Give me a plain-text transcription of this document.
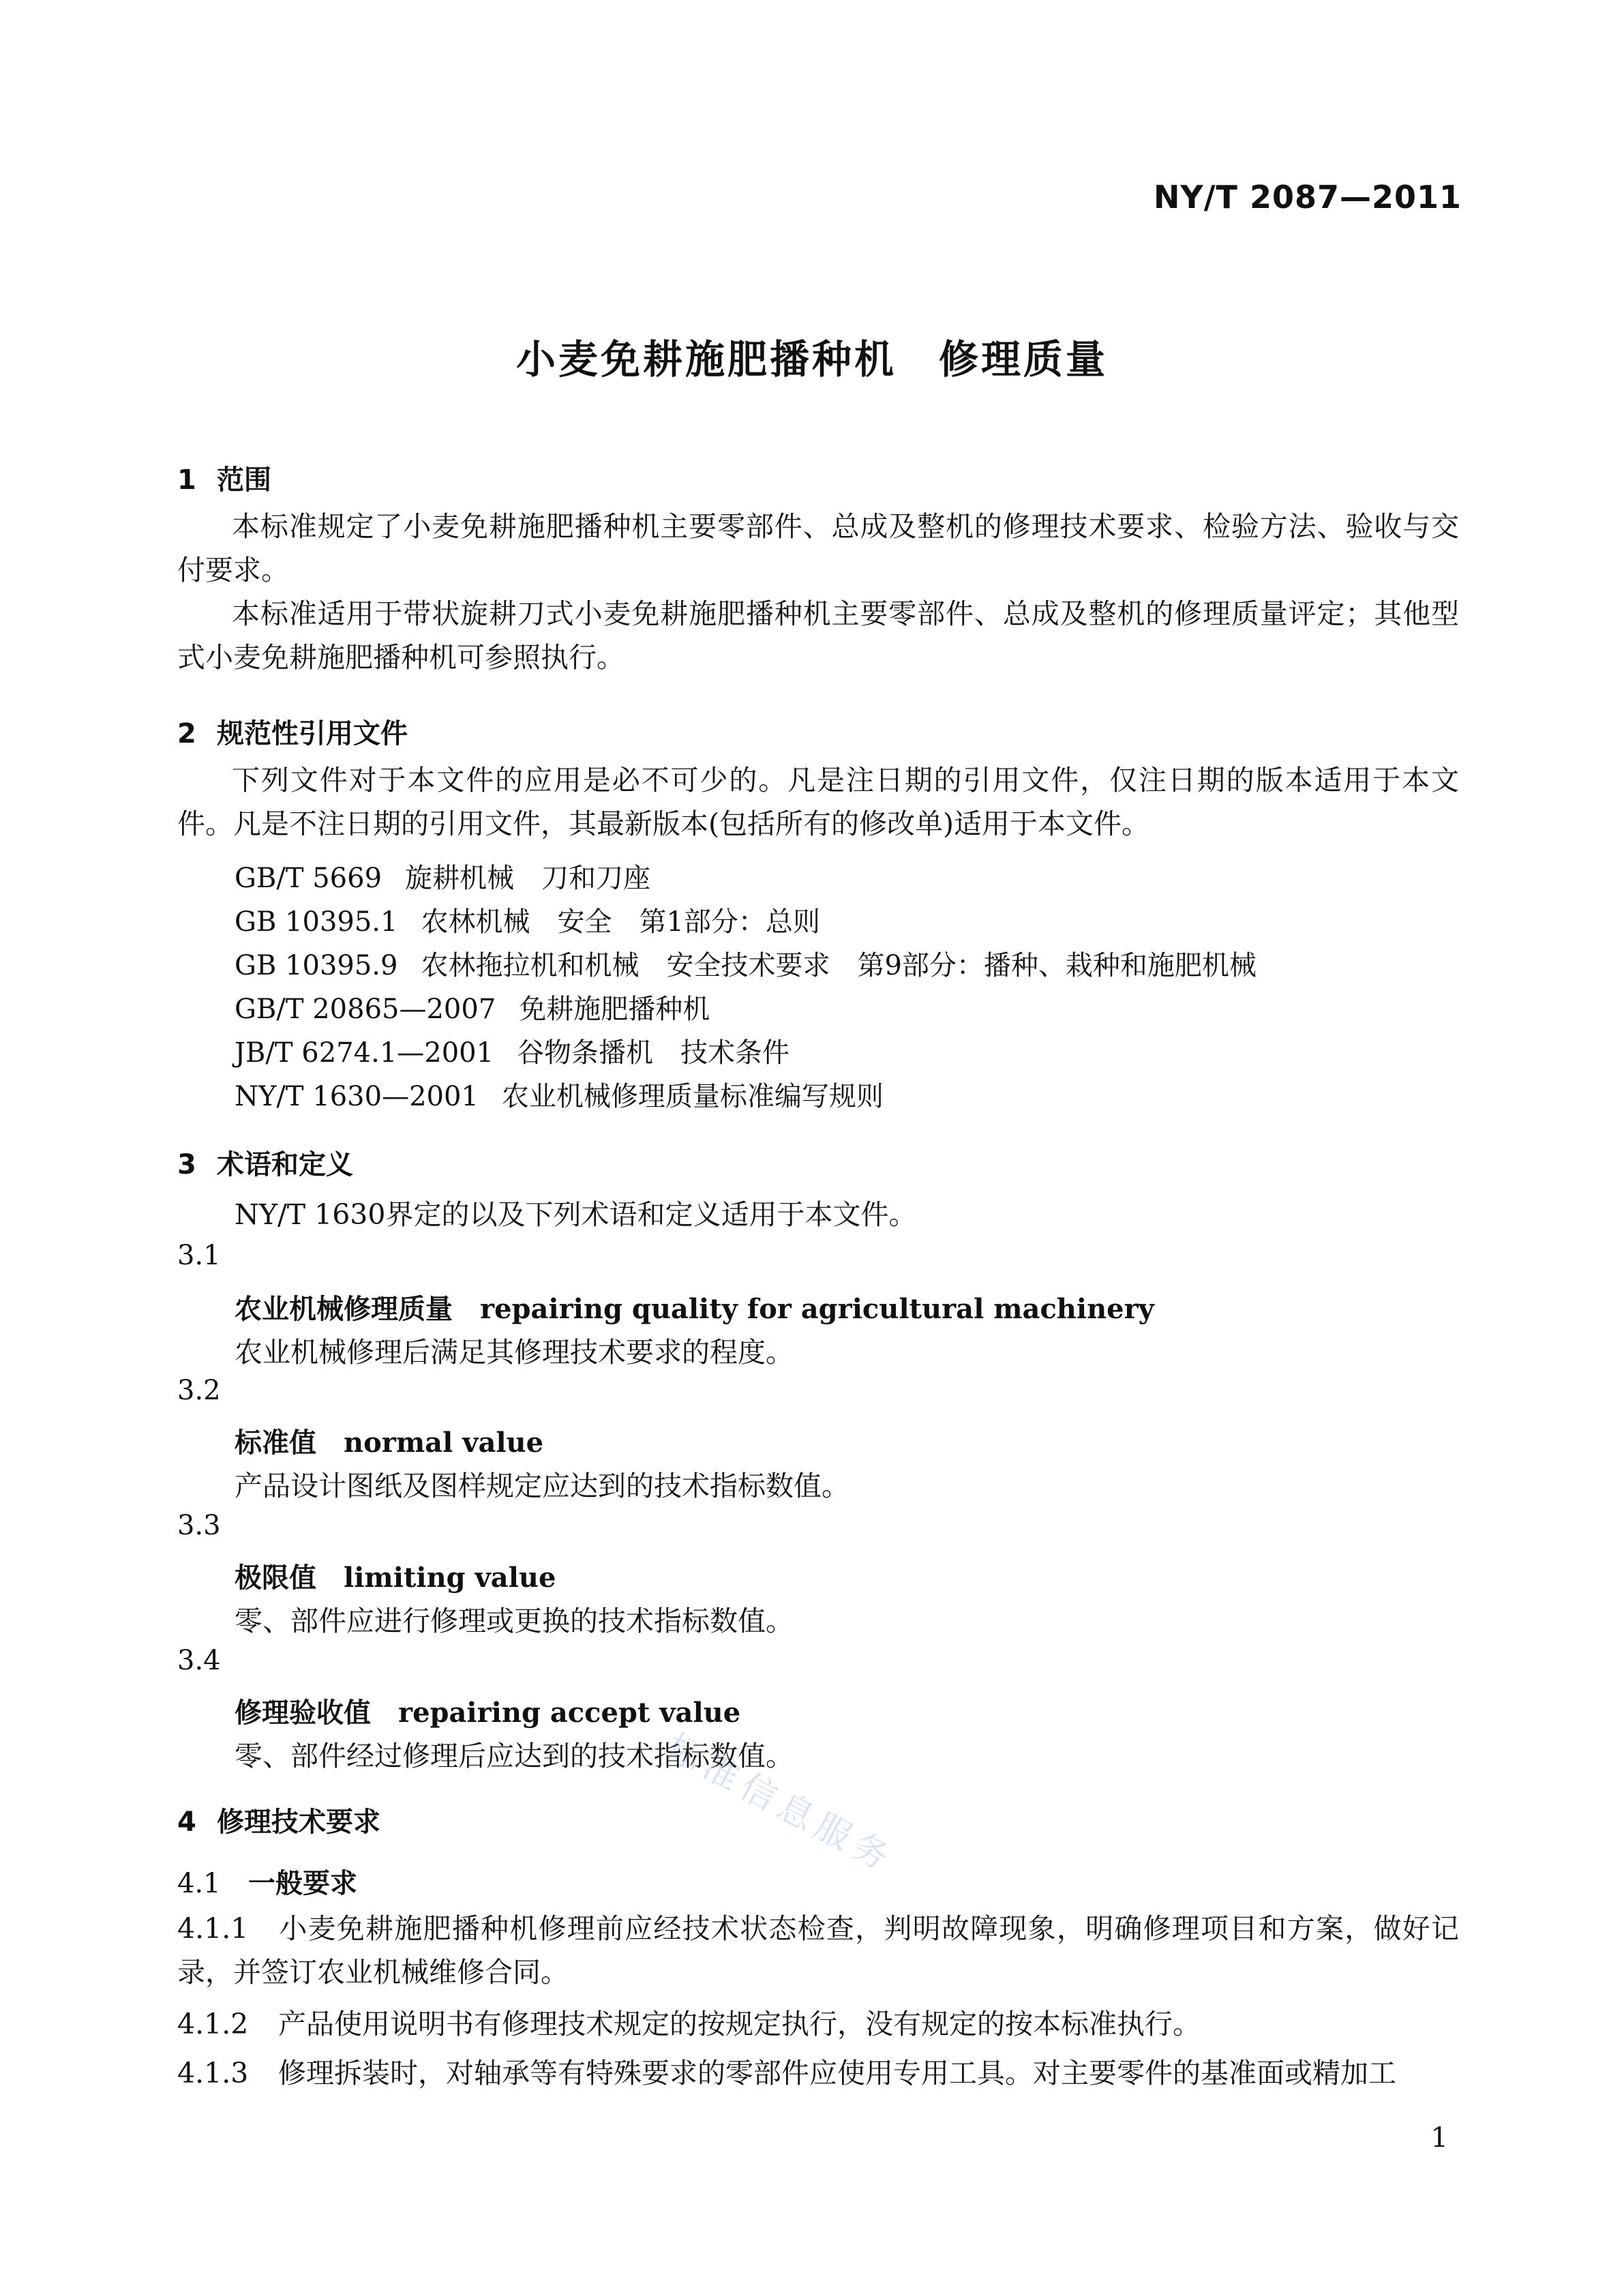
NY/T 2087—2011
小麦免耕施肥播种机　修理质量
1 范围
本标准规定了小麦免耕施肥播种机主要零部件、总成及整机的修理技术要求、检验方法、验收与交付要求。
本标准适用于带状旋耕刀式小麦免耕施肥播种机主要零部件、总成及整机的修理质量评定；其他型式小麦免耕施肥播种机可参照执行。
2 规范性引用文件
下列文件对于本文件的应用是必不可少的。凡是注日期的引用文件，仅注日期的版本适用于本文件。凡是不注日期的引用文件，其最新版本(包括所有的修改单)适用于本文件。
GB/T 5669 旋耕机械　刀和刀座
GB 10395.1 农林机械　安全　第1部分：总则
GB 10395.9 农林拖拉机和机械　安全技术要求　第9部分：播种、栽种和施肥机械
GB/T 20865—2007 免耕施肥播种机
JB/T 6274.1—2001 谷物条播机　技术条件
NY/T 1630—2001 农业机械修理质量标准编写规则
3 术语和定义
NY/T 1630界定的以及下列术语和定义适用于本文件。
3.1
农业机械修理质量 repairing quality for agricultural machinery
农业机械修理后满足其修理技术要求的程度。
3.2
标准值 normal value
产品设计图纸及图样规定应达到的技术指标数值。
3.3
极限值 limiting value
零、部件应进行修理或更换的技术指标数值。
3.4
修理验收值 repairing accept value
零、部件经过修理后应达到的技术指标数值。
4 修理技术要求
4.1 一般要求
4.1.1 小麦免耕施肥播种机修理前应经技术状态检查，判明故障现象，明确修理项目和方案，做好记录，并签订农业机械维修合同。
4.1.2 产品使用说明书有修理技术规定的按规定执行，没有规定的按本标准执行。
4.1.3 修理拆装时，对轴承等有特殊要求的零部件应使用专用工具。对主要零件的基准面或精加工
标准信息服务
1
